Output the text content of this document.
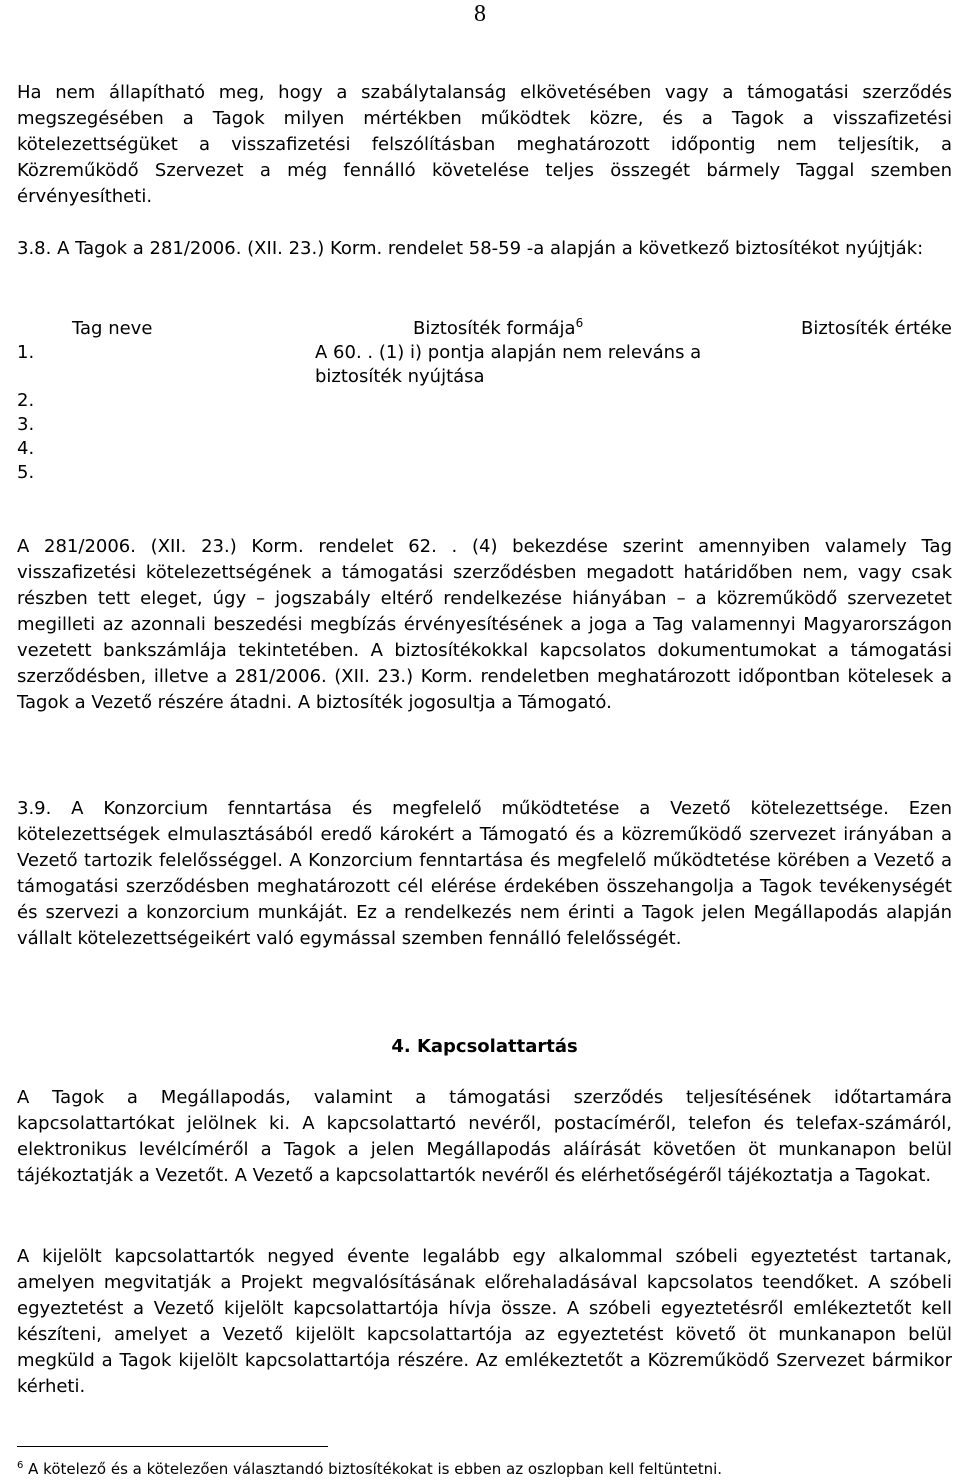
8

Ha nem állapítható meg, hogy a szabálytalanság elkövetésében vagy a támogatási szerződés megszegésében a Tagok milyen mértékben működtek közre, és a Tagok a visszafizetési kötelezettségüket a visszafizetési felszólításban meghatározott időpontig nem teljesítik, a Közreműködő Szervezet a még fennálló követelése teljes összegét bármely Taggal szemben érvényesítheti.

3.8. A Tagok a 281/2006. (XII. 23.) Korm. rendelet 58-59 -a alapján a következő biztosítékot nyújtják:

	Tag neve	Biztosíték formája$^6$	Biztosíték értéke
1.		A 60. . (1) i) pontja alapján nem releváns a biztosíték nyújtása	
2.			
3.			
4.			
5.			

A 281/2006. (XII. 23.) Korm. rendelet 62. . (4) bekezdése szerint amennyiben valamely Tag visszafizetési kötelezettségének a támogatási szerződésben megadott határidőben nem, vagy csak részben tett eleget, úgy – jogszabály eltérő rendelkezése hiányában – a közreműködő szervezetet megilleti az azonnali beszedési megbízás érvényesítésének a joga a Tag valamennyi Magyarországon vezetett bankszámlája tekintetében. A biztosítékokkal kapcsolatos dokumentumokat a támogatási szerződésben, illetve a 281/2006. (XII. 23.) Korm. rendeletben meghatározott időpontban kötelesek a Tagok a Vezető részére átadni. A biztosíték jogosultja a Támogató.

3.9. A Konzorcium fenntartása és megfelelő működtetése a Vezető kötelezettsége. Ezen kötelezettségek elmulasztásából eredő károkért a Támogató és a közreműködő szervezet irányában a Vezető tartozik felelősséggel. A Konzorcium fenntartása és megfelelő működtetése körében a Vezető a támogatási szerződésben meghatározott cél elérése érdekében összehangolja a Tagok tevékenységét és szervezi a konzorcium munkáját. Ez a rendelkezés nem érinti a Tagok jelen Megállapodás alapján vállalt kötelezettségeikért való egymással szemben fennálló felelősségét.

4. Kapcsolattartás

A Tagok a Megállapodás, valamint a támogatási szerződés teljesítésének időtartamára kapcsolattartókat jelölnek ki. A kapcsolattartó nevéről, postacíméről, telefon és telefax-számáról, elektronikus levélcíméről a Tagok a jelen Megállapodás aláírását követően öt munkanapon belül tájékoztatják a Vezetőt. A Vezető a kapcsolattartók nevéről és elérhetőségéről tájékoztatja a Tagokat.

A kijelölt kapcsolattartók negyed évente legalább egy alkalommal szóbeli egyeztetést tartanak, amelyen megvitatják a Projekt megvalósításának előrehaladásával kapcsolatos teendőket. A szóbeli egyeztetést a Vezető kijelölt kapcsolattartója hívja össze. A szóbeli egyeztetésről emlékeztetőt kell készíteni, amelyet a Vezető kijelölt kapcsolattartója az egyeztetést követő öt munkanapon belül megküld a Tagok kijelölt kapcsolattartója részére. Az emlékeztetőt a Közreműködő Szervezet bármikor kérheti.

$^6$ A kötelező és a kötelezően választandó biztosítékokat is ebben az oszlopban kell feltüntetni.
